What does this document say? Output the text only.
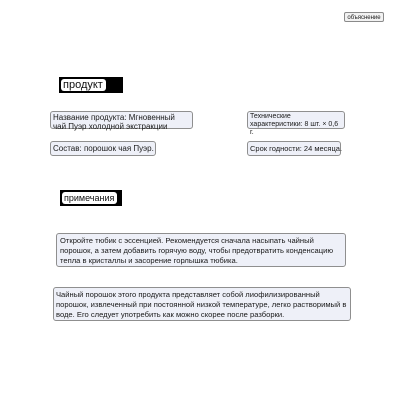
объяснение
продукт
Название продукта: Мгновенный чай Пуэр холодной экстракции
Технические характеристики: 8 шт. × 0,6 г.
Состав: порошок чая Пуэр.	Срок годности: 24 месяца.
примечания
Откройте тюбик с эссенцией. Рекомендуется сначала насыпать чайный порошок, а затем добавить горячую воду, чтобы предотвратить конденсацию тепла в кристаллы и засорение горлышка тюбика.
Чайный порошок этого продукта представляет собой лиофилизированный порошок, извлеченный при постоянной низкой температуре, легко растворимый в воде. Его следует употребить как можно скорее после разборки.
